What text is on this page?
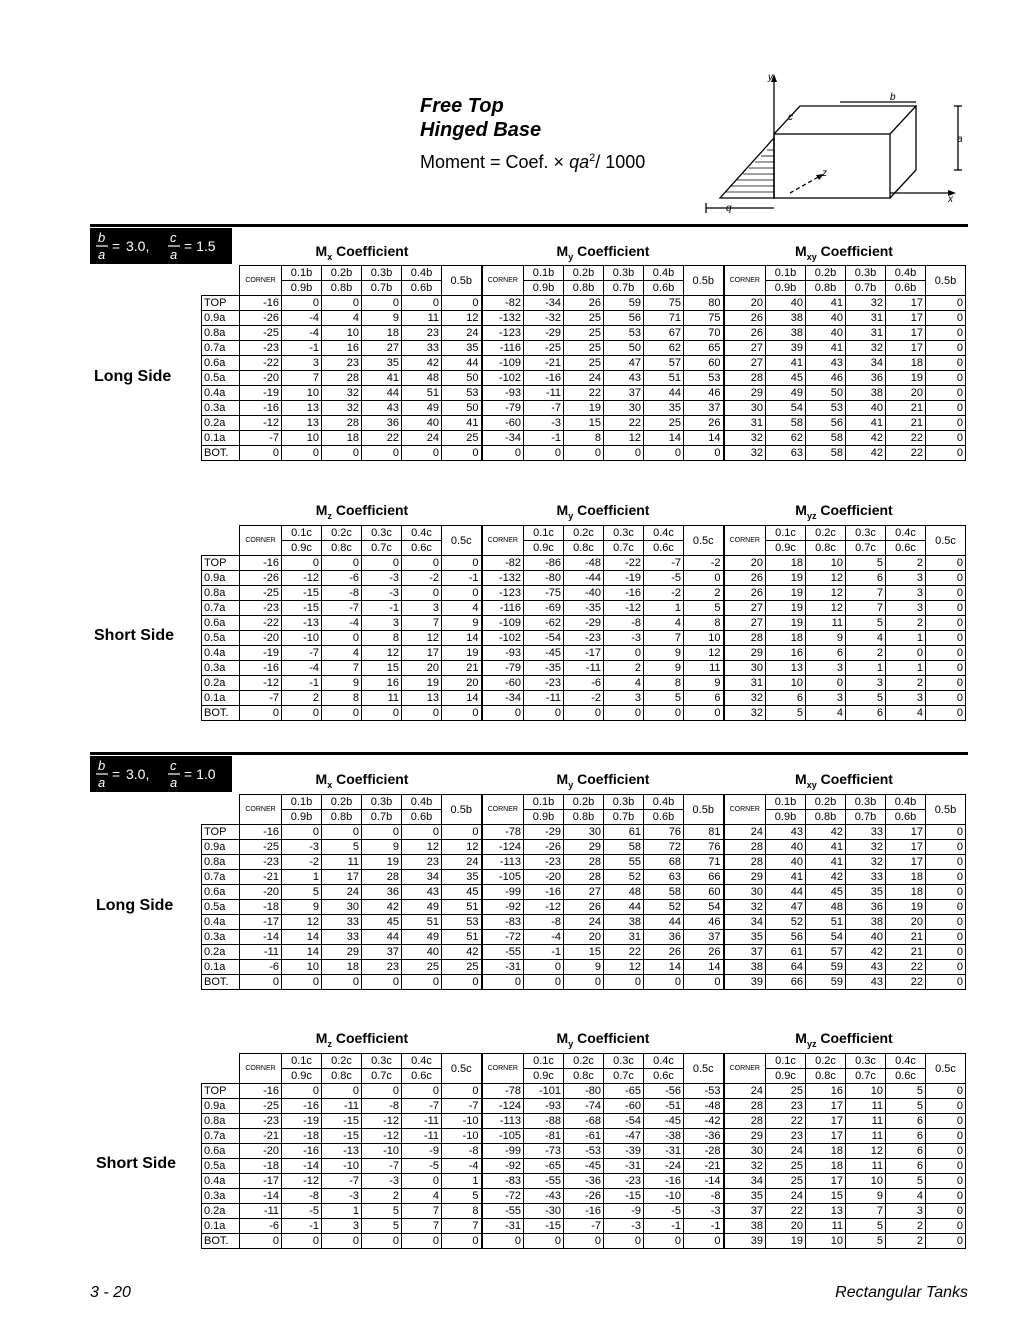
Free Top
Hinged Base
Moment = Coef. × $qa^2/$ 1000
y
b
c
a
z
x
q
b
a
= 3.0,
c
a
= 1.5
b
a
= 3.0,
c
a
= 1.0
$M_x$ Coefficient	$M_y$ Coefficient	$M_{xy}$ Coefficient
$M_z$ Coefficient	$M_y$ Coefficient	$M_{yz}$ Coefficient
$M_x$ Coefficient	$M_y$ Coefficient	$M_{xy}$ Coefficient
$M_z$ Coefficient	$M_y$ Coefficient	$M_{yz}$ Coefficient
Long Side
Short Side
Long Side
Short Side
	CORNER	0.1b	0.2b	0.3b	0.4b	0.5b	CORNER	0.1b	0.2b	0.3b	0.4b	0.5b	CORNER	0.1b	0.2b	0.3b	0.4b	0.5b
		0.9b	0.8b	0.7b	0.6b			0.9b	0.8b	0.7b	0.6b			0.9b	0.8b	0.7b	0.6b	
TOP	-16	0	0	0	0	0	-82	-34	26	59	75	80	20	40	41	32	17	0
0.9a	-26	-4	4	9	11	12	-132	-32	25	56	71	75	26	38	40	31	17	0
0.8a	-25	-4	10	18	23	24	-123	-29	25	53	67	70	26	38	40	31	17	0
0.7a	-23	-1	16	27	33	35	-116	-25	25	50	62	65	27	39	41	32	17	0
0.6a	-22	3	23	35	42	44	-109	-21	25	47	57	60	27	41	43	34	18	0
0.5a	-20	7	28	41	48	50	-102	-16	24	43	51	53	28	45	46	36	19	0
0.4a	-19	10	32	44	51	53	-93	-11	22	37	44	46	29	49	50	38	20	0
0.3a	-16	13	32	43	49	50	-79	-7	19	30	35	37	30	54	53	40	21	0
0.2a	-12	13	28	36	40	41	-60	-3	15	22	25	26	31	58	56	41	21	0
0.1a	-7	10	18	22	24	25	-34	-1	8	12	14	14	32	62	58	42	22	0
BOT.	0	0	0	0	0	0	0	0	0	0	0	0	32	63	58	42	22	0
	CORNER	0.1c	0.2c	0.3c	0.4c	0.5c	CORNER	0.1c	0.2c	0.3c	0.4c	0.5c	CORNER	0.1c	0.2c	0.3c	0.4c	0.5c
		0.9c	0.8c	0.7c	0.6c			0.9c	0.8c	0.7c	0.6c			0.9c	0.8c	0.7c	0.6c	
TOP	-16	0	0	0	0	0	-82	-86	-48	-22	-7	-2	20	18	10	5	2	0
0.9a	-26	-12	-6	-3	-2	-1	-132	-80	-44	-19	-5	0	26	19	12	6	3	0
0.8a	-25	-15	-8	-3	0	0	-123	-75	-40	-16	-2	2	26	19	12	7	3	0
0.7a	-23	-15	-7	-1	3	4	-116	-69	-35	-12	1	5	27	19	12	7	3	0
0.6a	-22	-13	-4	3	7	9	-109	-62	-29	-8	4	8	27	19	11	5	2	0
0.5a	-20	-10	0	8	12	14	-102	-54	-23	-3	7	10	28	18	9	4	1	0
0.4a	-19	-7	4	12	17	19	-93	-45	-17	0	9	12	29	16	6	2	0	0
0.3a	-16	-4	7	15	20	21	-79	-35	-11	2	9	11	30	13	3	1	1	0
0.2a	-12	-1	9	16	19	20	-60	-23	-6	4	8	9	31	10	0	3	2	0
0.1a	-7	2	8	11	13	14	-34	-11	-2	3	5	6	32	6	3	5	3	0
BOT.	0	0	0	0	0	0	0	0	0	0	0	0	32	5	4	6	4	0
	CORNER	0.1b	0.2b	0.3b	0.4b	0.5b	CORNER	0.1b	0.2b	0.3b	0.4b	0.5b	CORNER	0.1b	0.2b	0.3b	0.4b	0.5b
		0.9b	0.8b	0.7b	0.6b			0.9b	0.8b	0.7b	0.6b			0.9b	0.8b	0.7b	0.6b	
TOP	-16	0	0	0	0	0	-78	-29	30	61	76	81	24	43	42	33	17	0
0.9a	-25	-3	5	9	12	12	-124	-26	29	58	72	76	28	40	41	32	17	0
0.8a	-23	-2	11	19	23	24	-113	-23	28	55	68	71	28	40	41	32	17	0
0.7a	-21	1	17	28	34	35	-105	-20	28	52	63	66	29	41	42	33	18	0
0.6a	-20	5	24	36	43	45	-99	-16	27	48	58	60	30	44	45	35	18	0
0.5a	-18	9	30	42	49	51	-92	-12	26	44	52	54	32	47	48	36	19	0
0.4a	-17	12	33	45	51	53	-83	-8	24	38	44	46	34	52	51	38	20	0
0.3a	-14	14	33	44	49	51	-72	-4	20	31	36	37	35	56	54	40	21	0
0.2a	-11	14	29	37	40	42	-55	-1	15	22	26	26	37	61	57	42	21	0
0.1a	-6	10	18	23	25	25	-31	0	9	12	14	14	38	64	59	43	22	0
BOT.	0	0	0	0	0	0	0	0	0	0	0	0	39	66	59	43	22	0
	CORNER	0.1c	0.2c	0.3c	0.4c	0.5c	CORNER	0.1c	0.2c	0.3c	0.4c	0.5c	CORNER	0.1c	0.2c	0.3c	0.4c	0.5c
		0.9c	0.8c	0.7c	0.6c			0.9c	0.8c	0.7c	0.6c			0.9c	0.8c	0.7c	0.6c	
TOP	-16	0	0	0	0	0	-78	-101	-80	-65	-56	-53	24	25	16	10	5	0
0.9a	-25	-16	-11	-8	-7	-7	-124	-93	-74	-60	-51	-48	28	23	17	11	5	0
0.8a	-23	-19	-15	-12	-11	-10	-113	-88	-68	-54	-45	-42	28	22	17	11	6	0
0.7a	-21	-18	-15	-12	-11	-10	-105	-81	-61	-47	-38	-36	29	23	17	11	6	0
0.6a	-20	-16	-13	-10	-9	-8	-99	-73	-53	-39	-31	-28	30	24	18	12	6	0
0.5a	-18	-14	-10	-7	-5	-4	-92	-65	-45	-31	-24	-21	32	25	18	11	6	0
0.4a	-17	-12	-7	-3	0	1	-83	-55	-36	-23	-16	-14	34	25	17	10	5	0
0.3a	-14	-8	-3	2	4	5	-72	-43	-26	-15	-10	-8	35	24	15	9	4	0
0.2a	-11	-5	1	5	7	8	-55	-30	-16	-9	-5	-3	37	22	13	7	3	0
0.1a	-6	-1	3	5	7	7	-31	-15	-7	-3	-1	-1	38	20	11	5	2	0
BOT.	0	0	0	0	0	0	0	0	0	0	0	0	39	19	10	5	2	0
3 - 20	Rectangular Tanks
